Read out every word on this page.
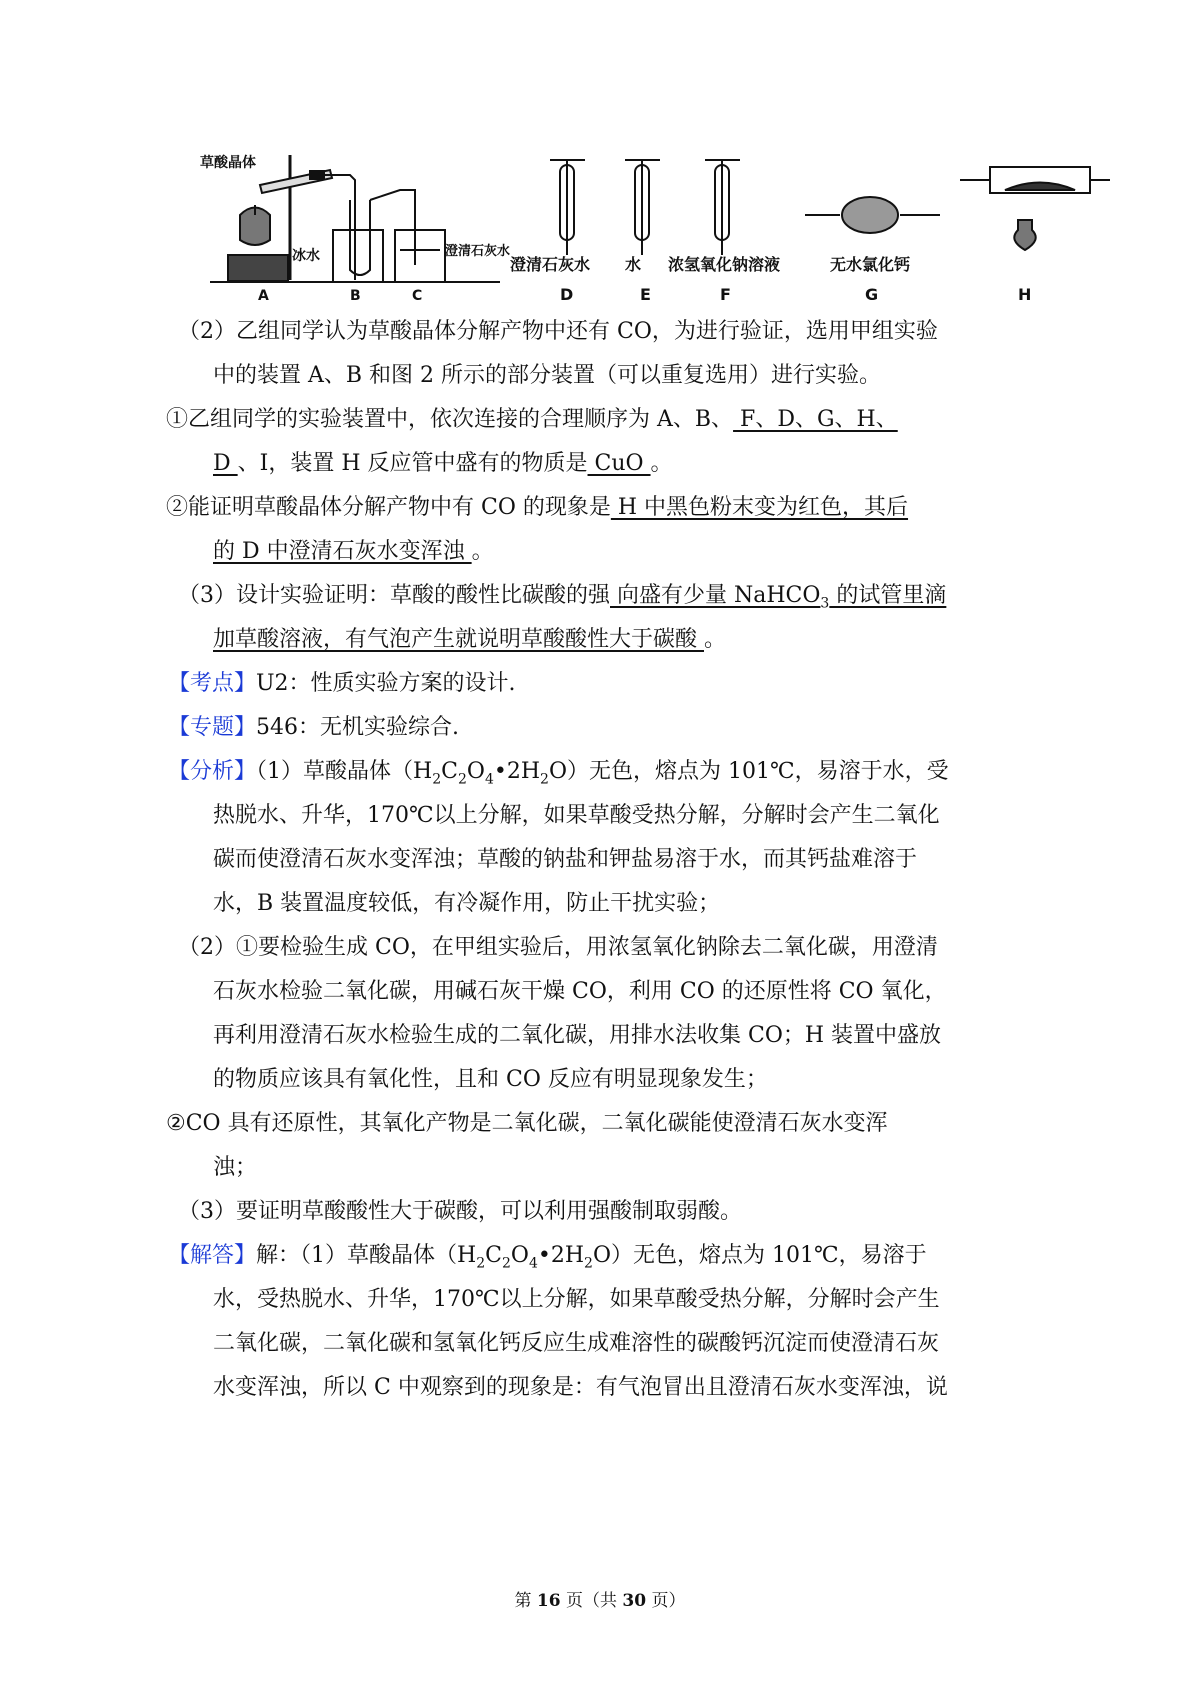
草酸晶体
冰水	澄清石灰水
澄清石灰水 水 浓氢氧化钠溶液	无水氯化钙
A	B	C	D	E	F	G	H
（2）乙组同学认为草酸晶体分解产物中还有 CO，为进行验证，选用甲组实验
中的装置 A、B 和图 2 所示的部分装置（可以重复选用）进行实验。
①乙组同学的实验装置中，依次连接的合理顺序为 A、B、 F、D、G、H、
D 、I，装置 H 反应管中盛有的物质是 CuO 。
②能证明草酸晶体分解产物中有 CO 的现象是 H 中黑色粉末变为红色，其后
的 D 中澄清石灰水变浑浊 。
（3）设计实验证明：草酸的酸性比碳酸的强 向盛有少量 NaHCO$_3$ 的试管里滴
加草酸溶液，有气泡产生就说明草酸酸性大于碳酸 。
【考点】U2：性质实验方案的设计.
【专题】546：无机实验综合.
【分析】（1）草酸晶体$(H_2C_2O_4•2H_2O)$无色，熔点为 101℃，易溶于水，受
热脱水、升华，170℃以上分解，如果草酸受热分解，分解时会产生二氧化
碳而使澄清石灰水变浑浊；草酸的钠盐和钾盐易溶于水，而其钙盐难溶于
水，B 装置温度较低，有冷凝作用，防止干扰实验；
（2）①要检验生成 CO，在甲组实验后，用浓氢氧化钠除去二氧化碳，用澄清
石灰水检验二氧化碳，用碱石灰干燥 CO，利用 CO 的还原性将 CO 氧化，
再利用澄清石灰水检验生成的二氧化碳，用排水法收集 CO；H 装置中盛放
的物质应该具有氧化性，且和 CO 反应有明显现象发生；
②CO 具有还原性，其氧化产物是二氧化碳，二氧化碳能使澄清石灰水变浑
浊；
（3）要证明草酸酸性大于碳酸，可以利用强酸制取弱酸。
【解答】解：（1）草酸晶体$(H_2C_2O_4•2H_2O)$无色，熔点为 101℃，易溶于
水，受热脱水、升华，170℃以上分解，如果草酸受热分解，分解时会产生
二氧化碳，二氧化碳和氢氧化钙反应生成难溶性的碳酸钙沉淀而使澄清石灰
水变浑浊，所以 C 中观察到的现象是：有气泡冒出且澄清石灰水变浑浊，说
第 16 页（共 30 页）
